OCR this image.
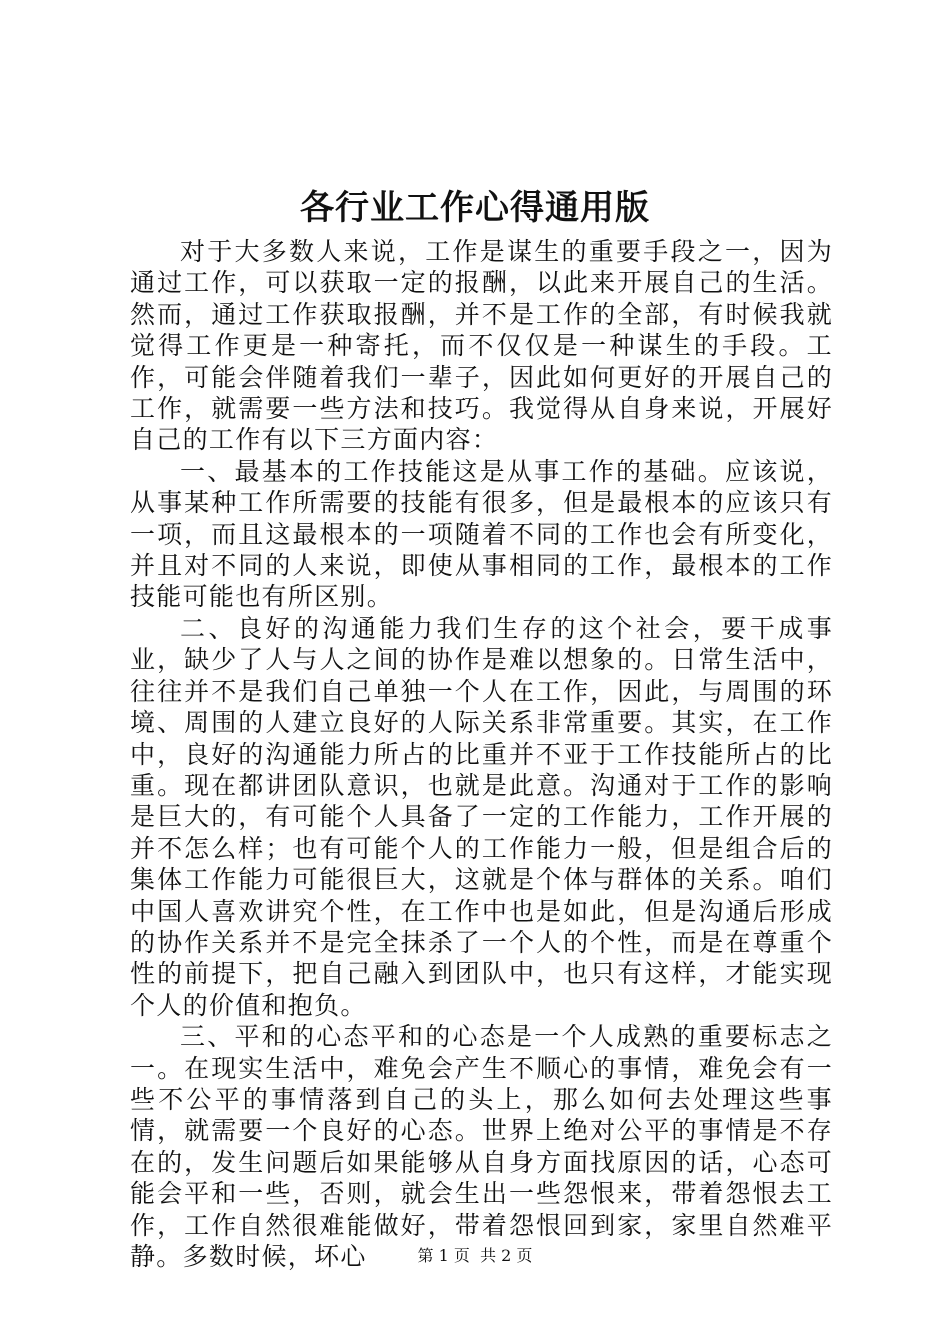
各行业工作心得通用版

对于大多数人来说，工作是谋生的重要手段之一，因为通过工作，可以获取一定的报酬，以此来开展自己的生活。然而，通过工作获取报酬，并不是工作的全部，有时候我就觉得工作更是一种寄托，而不仅仅是一种谋生的手段。工作，可能会伴随着我们一辈子，因此如何更好的开展自己的工作，就需要一些方法和技巧。我觉得从自身来说，开展好自己的工作有以下三方面内容：

一、最基本的工作技能这是从事工作的基础。应该说，从事某种工作所需要的技能有很多，但是最根本的应该只有一项，而且这最根本的一项随着不同的工作也会有所变化，并且对不同的人来说，即使从事相同的工作，最根本的工作技能可能也有所区别。

二、良好的沟通能力我们生存的这个社会，要干成事业，缺少了人与人之间的协作是难以想象的。日常生活中，往往并不是我们自己单独一个人在工作，因此，与周围的环境、周围的人建立良好的人际关系非常重要。其实，在工作中，良好的沟通能力所占的比重并不亚于工作技能所占的比重。现在都讲团队意识，也就是此意。沟通对于工作的影响是巨大的，有可能个人具备了一定的工作能力，工作开展的并不怎么样；也有可能个人的工作能力一般，但是组合后的集体工作能力可能很巨大，这就是个体与群体的关系。咱们中国人喜欢讲究个性，在工作中也是如此，但是沟通后形成的协作关系并不是完全抹杀了一个人的个性，而是在尊重个性的前提下，把自己融入到团队中，也只有这样，才能实现个人的价值和抱负。

三、平和的心态平和的心态是一个人成熟的重要标志之一。在现实生活中，难免会产生不顺心的事情，难免会有一些不公平的事情落到自己的头上，那么如何去处理这些事情，就需要一个良好的心态。世界上绝对公平的事情是不存在的，发生问题后如果能够从自身方面找原因的话，心态可能会平和一些，否则，就会生出一些怨恨来，带着怨恨去工作，工作自然很难能做好，带着怨恨回到家，家里自然难平静。多数时候，坏心	第 1 页  共 2 页
